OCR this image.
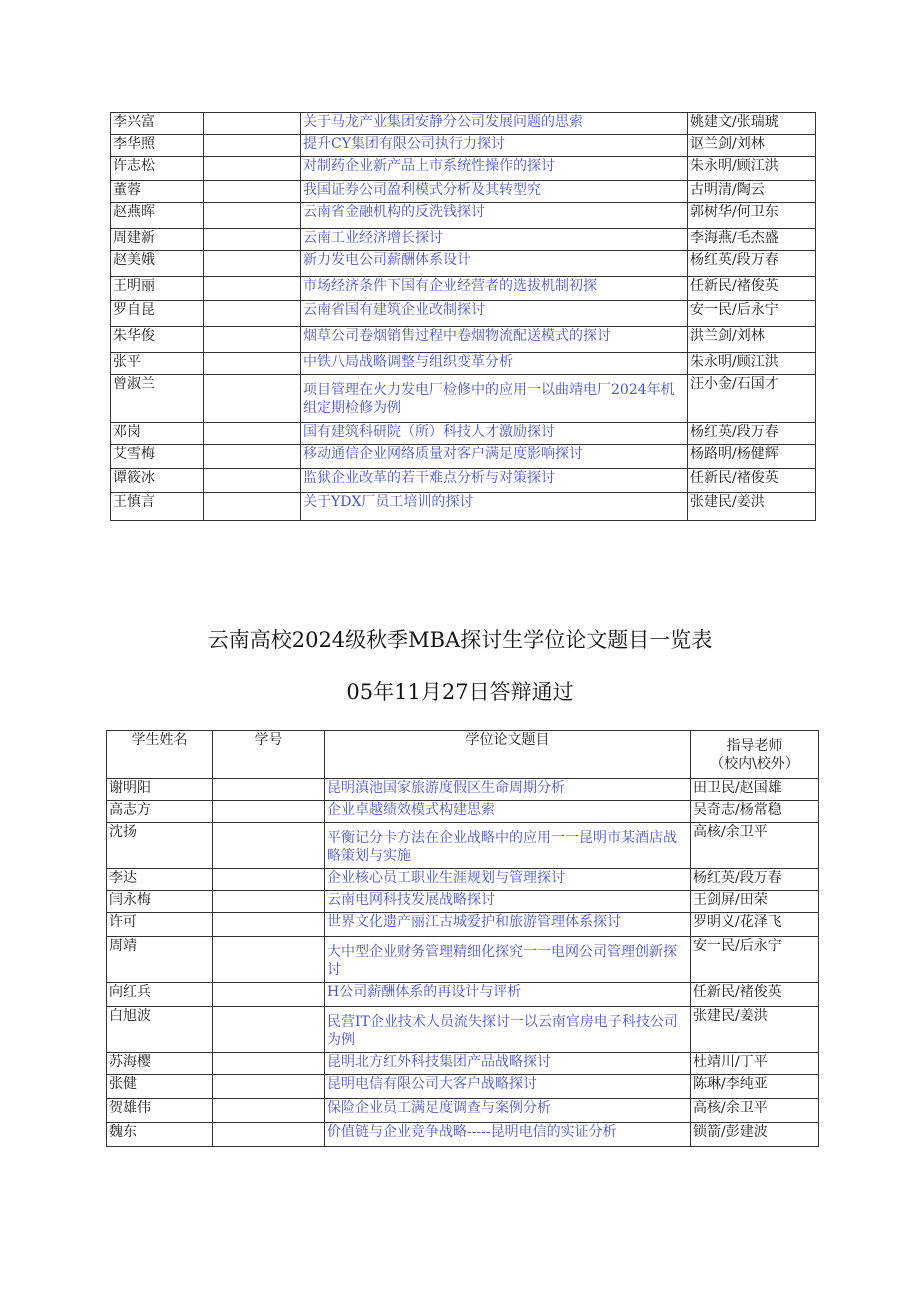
李兴富		关于马龙产业集团安静分公司发展问题的思索	姚建文/张瑞琥
李华照		提升CY集团有限公司执行力探讨	讴兰剑/刘林
许志松		对制药企业新产品上市系统性操作的探讨	朱永明/顾江洪
董蓉		我国证券公司盈利模式分析及其转型究	古明清/陶云
赵燕晖		云南省金融机构的反洗钱探讨	郭树华/何卫东
周建新		云南工业经济增长探讨	李海燕/毛杰盛
赵美娥		新力发电公司薪酬体系设计	杨红英/段万春
王明丽		市场经济条件下国有企业经营者的选拔机制初探	任新民/褚俊英
罗自昆		云南省国有建筑企业改制探讨	安一民/后永宁
朱华俊		烟草公司卷烟销售过程中卷烟物流配送模式的探讨	洪兰剑/刘林
张平		中铁八局战略调整与组织变革分析	朱永明/顾江洪
曾淑兰		项目管理在火力发电厂检修中的应用一以曲靖电厂2024年机组定期检修为例	汪小金/石国才
邓岗		国有建筑科研院（所）科技人才激励探讨	杨红英/段万春
艾雪梅		移动通信企业网络质量对客户满足度影响探讨	杨路明/杨健辉
谭筱冰		监狱企业改革的若干难点分析与对策探讨	任新民/褚俊英
王慎言		关于YDX厂员工培训的探讨	张建民/姜洪
云南高校2024级秋季MBA探讨生学位论文题目一览表
05年11月27日答辩通过
学生姓名	学号	学位论文题目	指导老师
（校内\校外）

谢明阳		昆明滇池国家旅游度假区生命周期分析	田卫民/赵国雄
高志方		企业卓越绩效模式构建思索	吴奇志/杨常稳
沈扬		平衡记分卡方法在企业战略中的应用一一昆明市某酒店战略策划与实施	高核/余卫平
李达		企业核心员工职业生涯规划与管理探讨	杨红英/段万春
闫永梅		云南电网科技发展战略探讨	王剑屏/田荣
许可		世界文化遗产丽江古城爱护和旅游管理体系探讨	罗明义/花泽飞
周靖		大中型企业财务管理精细化探究一一电网公司管理创新探讨	安一民/后永宁
向红兵		H公司薪酬体系的再设计与评析	任新民/褚俊英
白旭波		民营IT企业技术人员流失探讨一以云南官房电子科技公司为例	张建民/姜洪
苏海樱		昆明北方红外科技集团产品战略探讨	杜靖川/丁平
张健		昆明电信有限公司大客户战略探讨	陈琳/李纯亚
贺雄伟		保险企业员工满足度调查与案例分析	高核/余卫平
魏东		价值链与企业竞争战略-----昆明电信的实证分析	锁箭/彭建波
